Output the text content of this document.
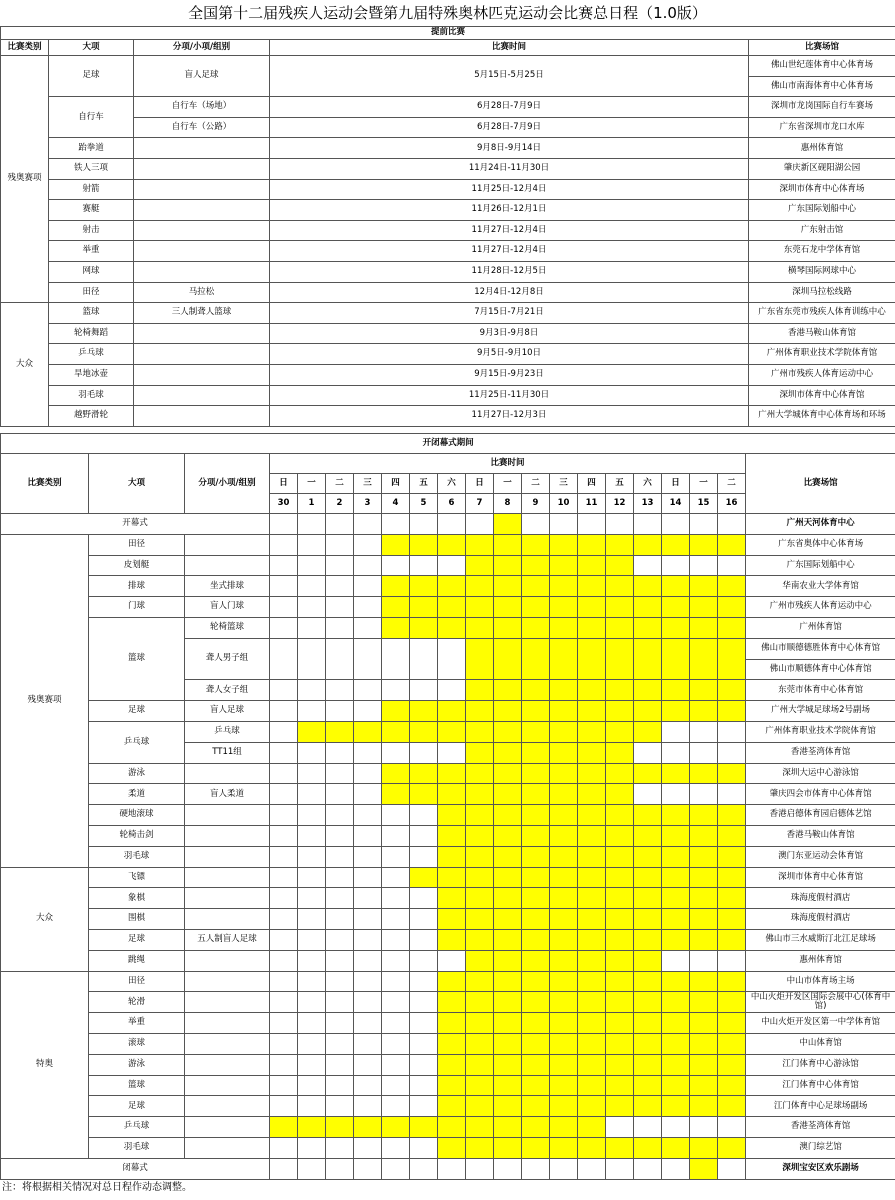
全国第十二届残疾人运动会暨第九届特殊奥林匹克运动会比赛总日程（1.0版）
提前比赛				
比赛类别	大项	分项/小项/组别	比赛时间	比赛场馆
残奥赛项	足球	盲人足球	5月15日-5月25日	佛山世纪莲体育中心体育场
				佛山市南海体育中心体育场
	自行车	自行车（场地）	6月28日-7月9日	深圳市龙岗国际自行车赛场
		自行车（公路）	6月28日-7月9日	广东省深圳市龙口水库
	跆拳道		9月8日-9月14日	惠州体育馆
	铁人三项		11月24日-11月30日	肇庆新区砚阳湖公园
	射箭		11月25日-12月4日	深圳市体育中心体育场
	赛艇		11月26日-12月1日	广东国际划船中心
	射击		11月27日-12月4日	广东射击馆
	举重		11月27日-12月4日	东莞石龙中学体育馆
	网球		11月28日-12月5日	横琴国际网球中心
	田径	马拉松	12月4日-12月8日	深圳马拉松线路
大众	篮球	三人制聋人篮球	7月15日-7月21日	广东省东莞市残疾人体育训练中心
	轮椅舞蹈		9月3日-9月8日	香港马鞍山体育馆
	乒乓球		9月5日-9月10日	广州体育职业技术学院体育馆
	旱地冰壶		9月15日-9月23日	广州市残疾人体育运动中心
	羽毛球		11月25日-11月30日	深圳市体育中心体育馆
	越野滑轮		11月27日-12月3日	广州大学城体育中心体育场和环场
开闭幕式期间																				
比赛类别	大项	分项/小项/组别	比赛时间																	比赛场馆
			日	一	二	三	四	五	六	日	一	二	三	四	五	六	日	一	二	
			30	1	2	3	4	5	6	7	8	9	10	11	12	13	14	15	16	
开幕式																				广州天河体育中心
残奥赛项	田径																			广东省奥体中心体育场
	皮划艇																			广东国际划船中心
	排球	坐式排球																		华南农业大学体育馆
	门球	盲人门球																		广州市残疾人体育运动中心
	篮球	轮椅篮球																		广州体育馆
		聋人男子组																		佛山市顺德德胜体育中心体育馆
																				佛山市顺德体育中心体育馆
		聋人女子组																		东莞市体育中心体育馆
	足球	盲人足球																		广州大学城足球场2号副场
	乒乓球	乒乓球																		广州体育职业技术学院体育馆
		TT11组																		香港荃湾体育馆
	游泳																			深圳大运中心游泳馆
	柔道	盲人柔道																		肇庆四会市体育中心体育馆
	硬地滚球																			香港启德体育园启德体艺馆
	轮椅击剑																			香港马鞍山体育馆
	羽毛球																			澳门东亚运动会体育馆
大众	飞镖																			深圳市体育中心体育馆
	象棋																			珠海度假村酒店
	围棋																			珠海度假村酒店
	足球	五人制盲人足球																		佛山市三水威斯汀北江足球场
	跳绳																			惠州体育馆
特奥	田径																			中山市体育场主场
	轮滑																			中山火炬开发区国际会展中心(体育中馆)
	举重																			中山火炬开发区第一中学体育馆
	滚球																			中山体育馆
	游泳																			江门体育中心游泳馆
	篮球																			江门体育中心体育馆
	足球																			江门体育中心足球场副场
	乒乓球																			香港荃湾体育馆
	羽毛球																			澳门综艺馆
闭幕式																				深圳宝安区欢乐剧场
注：将根据相关情况对总日程作动态调整。
